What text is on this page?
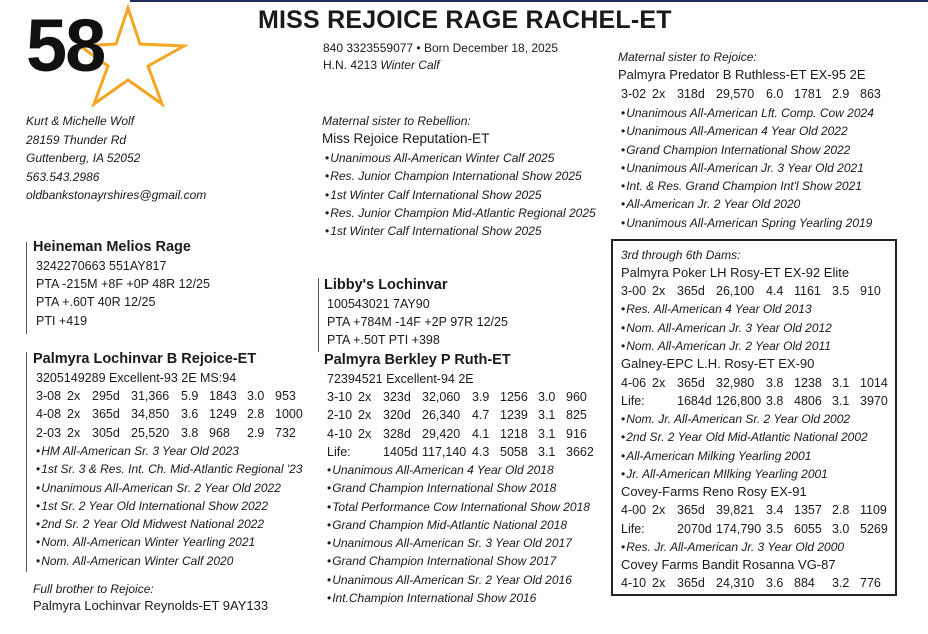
58	MISS REJOICE RAGE RACHEL-ET
840 3323559077 • Born December 18, 2025
H.N. 4213 Winter Calf
Kurt & Michelle Wolf
28159 Thunder Rd
Guttenberg, IA 52052
563.543.2986
oldbankstonayrshires@gmail.com
Heineman Melios Rage
3242270663 551AY817
PTA -215M +8F +0P 48R 12/25
PTA +.60T 40R 12/25
PTI +419
Palmyra Lochinvar B Rejoice-ET
3205149289 Excellent-93 2E MS:94
3-08 2x 295d 31,366 5.9 1843 3.0 953
4-08 2x 365d 34,850 3.6 1249 2.8 1000
2-03 2x 305d 25,520 3.8 968 2.9 732
• HM All-American Sr. 3 Year Old 2023
• 1st Sr. 3 & Res. Int. Ch. Mid-Atlantic Regional '23
• Unanimous All-American Sr. 2 Year Old 2022
• 1st Sr. 2 Year Old International Show 2022
• 2nd Sr. 2 Year Old Midwest National 2022
• Nom. All-American Winter Yearling 2021
• Nom. All-American Winter Calf 2020
Full brother to Rejoice:
Palmyra Lochinvar Reynolds-ET 9AY133
Maternal sister to Rebellion:
Miss Rejoice Reputation-ET
• Unanimous All-American Winter Calf 2025
• Res. Junior Champion International Show 2025
• 1st Winter Calf International Show 2025
• Res. Junior Champion Mid-Atlantic Regional 2025
• 1st Winter Calf International Show 2025
Libby's Lochinvar
100543021 7AY90
PTA +784M -14F +2P 97R 12/25
PTA +.50T PTI +398
Palmyra Berkley P Ruth-ET
72394521 Excellent-94 2E
3-10 2x 323d 32,060 3.9 1256 3.0 960
2-10 2x 320d 26,340 4.7 1239 3.1 825
4-10 2x 328d 29,420 4.1 1218 3.1 916
Life:	1405d 117,140 4.3 5058 3.1 3662
• Unanimous All-American 4 Year Old 2018
• Grand Champion International Show 2018
• Total Performance Cow International Show 2018
• Grand Champion Mid-Atlantic National 2018
• Unanimous All-American Sr. 3 Year Old 2017
• Grand Champion International Show 2017
• Unanimous All-American Sr. 2 Year Old 2016
• Int.Champion International Show 2016
Maternal sister to Rejoice:
Palmyra Predator B Ruthless-ET EX-95 2E
3-02 2x 318d 29,570 6.0 1781 2.9 863
• Unanimous All-American Lft. Comp. Cow 2024
• Unanimous All-American 4 Year Old 2022
• Grand Champion International Show 2022
• Unanimous All-American Jr. 3 Year Old 2021
• Int. & Res. Grand Champion Int'l Show 2021
• All-American Jr. 2 Year Old 2020
• Unanimous All-American Spring Yearling 2019
3rd through 6th Dams:
Palmyra Poker LH Rosy-ET EX-92 Elite
3-00 2x 365d 26,100 4.4 1161 3.5 910
• Res. All-American 4 Year Old 2013
• Nom. All-American Jr. 3 Year Old 2012
• Nom. All-American Jr. 2 Year Old 2011
Galney-EPC L.H. Rosy-ET EX-90
4-06 2x 365d 32,980 3.8 1238 3.1 1014
Life:	1684d 126,800 3.8 4806 3.1 3970
• Nom. Jr. All-American Sr. 2 Year Old 2002
• 2nd Sr. 2 Year Old Mid-Atlantic National 2002
• All-American Milking Yearling 2001
• Jr. All-American MIlking Yearling 2001
Covey-Farms Reno Rosy EX-91
4-00 2x 365d 39,821 3.4 1357 2.8 1109
Life:	2070d 174,790 3.5 6055 3.0 5269
• Res. Jr. All-American Jr. 3 Year Old 2000
Covey Farms Bandit Rosanna VG-87
4-10 2x 365d 24,310 3.6 884 3.2 776
